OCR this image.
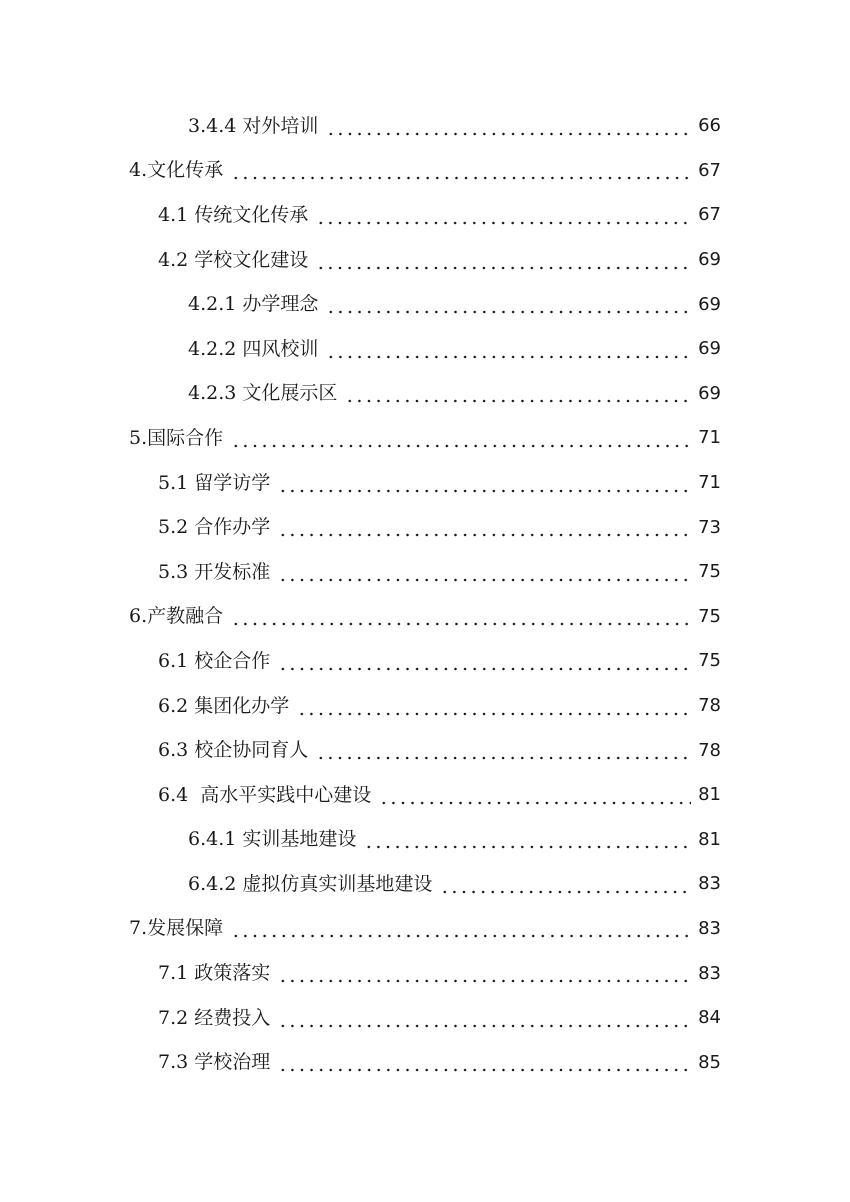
3.4.4 对外培训	66
4.文化传承	67
4.1 传统文化传承	67
4.2 学校文化建设	69
4.2.1 办学理念	69
4.2.2 四风校训	69
4.2.3 文化展示区	69
5.国际合作	71
5.1 留学访学	71
5.2 合作办学	73
5.3 开发标准	75
6.产教融合	75
6.1 校企合作	75
6.2 集团化办学	78
6.3 校企协同育人	78
6.4  高水平实践中心建设	81
6.4.1 实训基地建设	81
6.4.2 虚拟仿真实训基地建设	83
7.发展保障	83
7.1 政策落实	83
7.2 经费投入	84
7.3 学校治理	85
